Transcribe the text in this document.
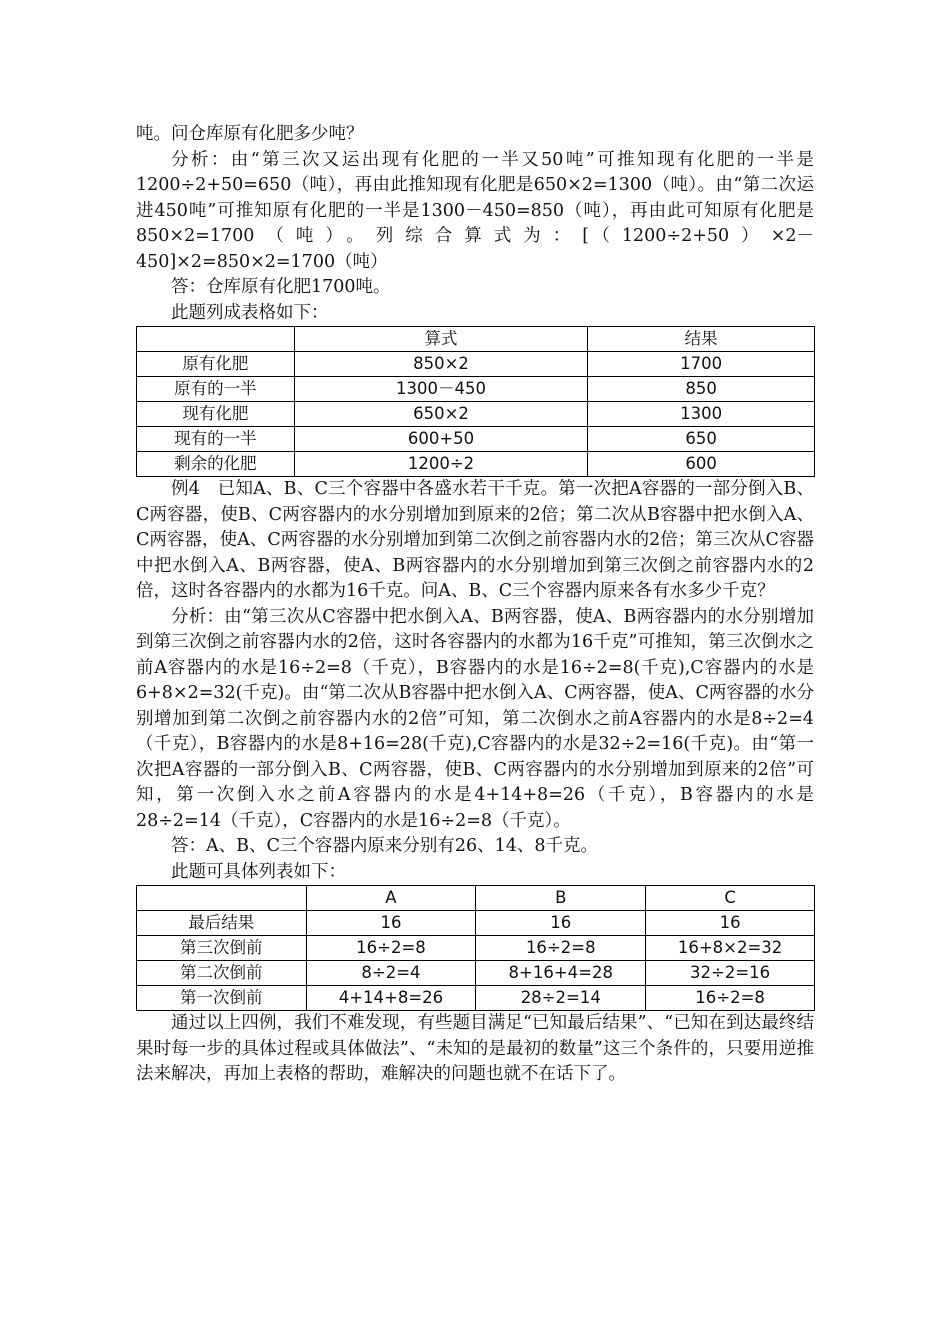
吨。问仓库原有化肥多少吨？

分析：由“第三次又运出现有化肥的一半又50吨”可推知现有化肥的一半是1200÷2+50=650（吨），再由此推知现有化肥是650×2=1300（吨）。由“第二次运进450吨”可推知原有化肥的一半是1300－450=850（吨），再由此可知原有化肥是850×2=1700（吨）。列综合算式为：[（1200÷2+50）×2－450]×2=850×2=1700（吨）

答：仓库原有化肥1700吨。

此题列成表格如下：

	算式	结果
原有化肥	850×2	1700
原有的一半	1300－450	850
现有化肥	650×2	1300
现有的一半	600+50	650
剩余的化肥	1200÷2	600

例4　已知A、B、C三个容器中各盛水若干千克。第一次把A容器的一部分倒入B、C两容器，使B、C两容器内的水分别增加到原来的2倍；第二次从B容器中把水倒入A、C两容器，使A、C两容器的水分别增加到第二次倒之前容器内水的2倍；第三次从C容器中把水倒入A、B两容器，使A、B两容器内的水分别增加到第三次倒之前容器内水的2倍，这时各容器内的水都为16千克。问A、B、C三个容器内原来各有水多少千克？

分析：由“第三次从C容器中把水倒入A、B两容器，使A、B两容器内的水分别增加到第三次倒之前容器内水的2倍，这时各容器内的水都为16千克”可推知，第三次倒水之前A容器内的水是16÷2=8（千克），B容器内的水是16÷2=8(千克),C容器内的水是6+8×2=32(千克)。由“第二次从B容器中把水倒入A、C两容器，使A、C两容器的水分别增加到第二次倒之前容器内水的2倍”可知，第二次倒水之前A容器内的水是8÷2=4（千克），B容器内的水是8+16=28(千克),C容器内的水是32÷2=16(千克)。由“第一次把A容器的一部分倒入B、C两容器，使B、C两容器内的水分别增加到原来的2倍”可知，第一次倒入水之前A容器内的水是4+14+8=26（千克），B容器内的水是28÷2=14（千克），C容器内的水是16÷2=8（千克）。

答：A、B、C三个容器内原来分别有26、14、8千克。

此题可具体列表如下：

	A	B	C
最后结果	16	16	16
第三次倒前	16÷2=8	16÷2=8	16+8×2=32
第二次倒前	8÷2=4	8+16+4=28	32÷2=16
第一次倒前	4+14+8=26	28÷2=14	16÷2=8

通过以上四例，我们不难发现，有些题目满足“已知最后结果”、“已知在到达最终结果时每一步的具体过程或具体做法”、“未知的是最初的数量”这三个条件的，只要用逆推法来解决，再加上表格的帮助，难解决的问题也就不在话下了。
